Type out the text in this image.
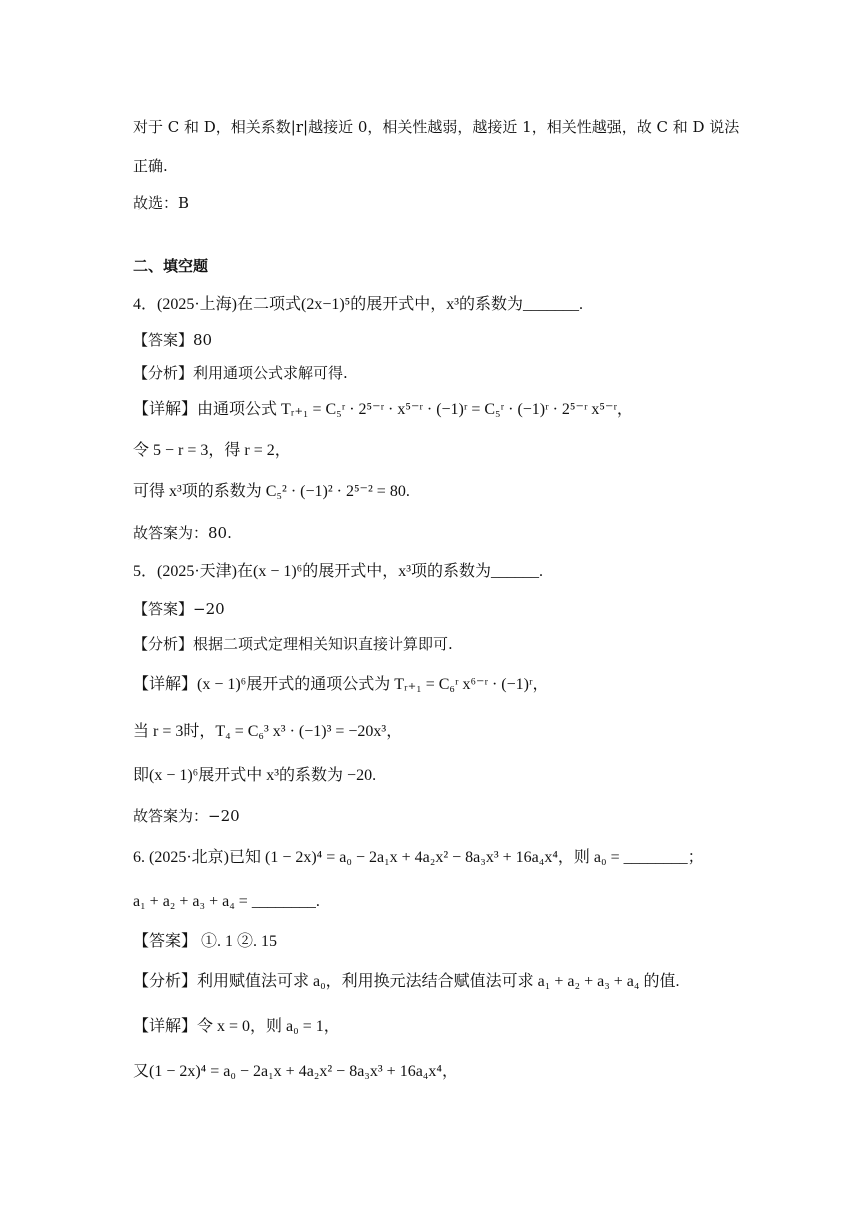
对于 C 和 D，相关系数|r|越接近 0，相关性越弱，越接近 1，相关性越强，故 C 和 D 说法
正确.
故选：B
二、填空题
4．(2025·上海)在二项式(2x−1)⁵的展开式中，x³的系数为_______.
【答案】80
【分析】利用通项公式求解可得.
【详解】由通项公式 Tᵣ₊₁ = C₅ʳ · 2⁵⁻ʳ · x⁵⁻ʳ · (−1)ʳ = C₅ʳ · (−1)ʳ · 2⁵⁻ʳ x⁵⁻ʳ，
令 5 − r = 3，得 r = 2，
可得 x³项的系数为 C₅² · (−1)² · 2⁵⁻² = 80.
故答案为：80.
5．(2025·天津)在(x − 1)⁶的展开式中，x³项的系数为______.
【答案】−20
【分析】根据二项式定理相关知识直接计算即可.
【详解】(x − 1)⁶展开式的通项公式为 Tᵣ₊₁ = C₆ʳ x⁶⁻ʳ · (−1)ʳ，
当 r = 3时，T₄ = C₆³ x³ · (−1)³ = −20x³，
即(x − 1)⁶展开式中 x³的系数为 −20.
故答案为：−20
6. (2025·北京)已知 (1 − 2x)⁴ = a₀ − 2a₁x + 4a₂x² − 8a₃x³ + 16a₄x⁴，则 a₀ = ________；
a₁ + a₂ + a₃ + a₄ = ________.
【答案】 ①. 1 ②. 15
【分析】利用赋值法可求 a₀，利用换元法结合赋值法可求 a₁ + a₂ + a₃ + a₄ 的值.
【详解】令 x = 0，则 a₀ = 1，
又(1 − 2x)⁴ = a₀ − 2a₁x + 4a₂x² − 8a₃x³ + 16a₄x⁴，
